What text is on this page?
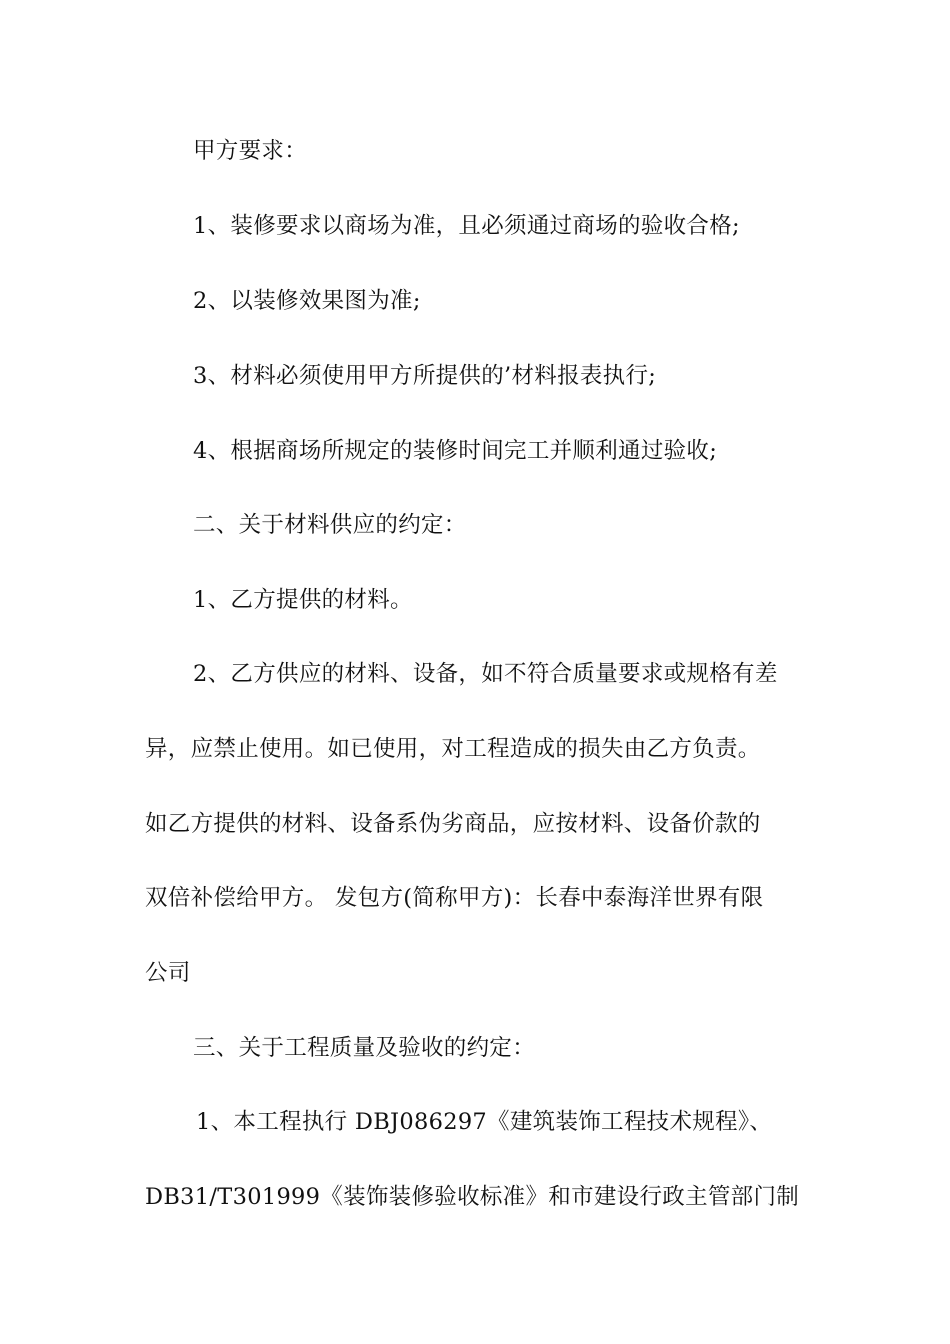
甲方要求：
1、装修要求以商场为准，且必须通过商场的验收合格;
2、以装修效果图为准;
3、材料必须使用甲方所提供的’材料报表执行;
4、根据商场所规定的装修时间完工并顺利通过验收;
二、关于材料供应的约定：
1、乙方提供的材料。
2、乙方供应的材料、设备，如不符合质量要求或规格有差
异，应禁止使用。如已使用，对工程造成的损失由乙方负责。
如乙方提供的材料、设备系伪劣商品，应按材料、设备价款的
双倍补偿给甲方。 发包方(简称甲方)：长春中泰海洋世界有限
公司
三、关于工程质量及验收的约定：
1、本工程执行 DBJ086297《建筑装饰工程技术规程》、
DB31/T301999《装饰装修验收标准》和市建设行政主管部门制
